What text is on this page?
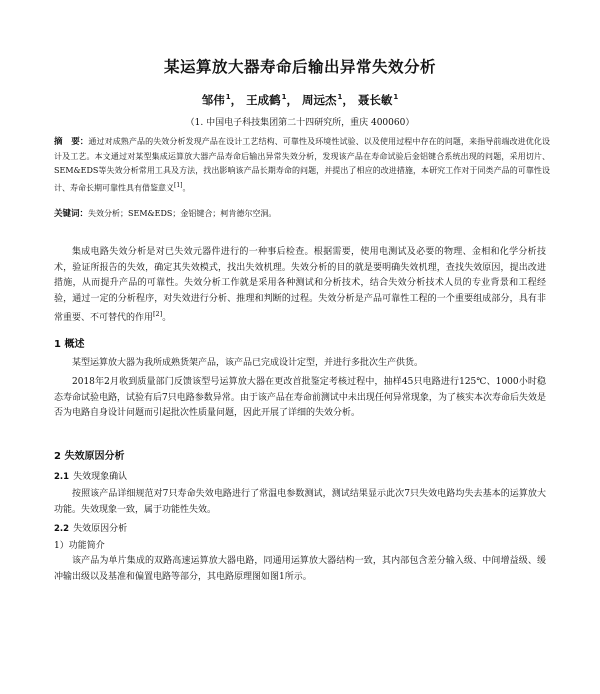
某运算放大器寿命后输出异常失效分析
邹伟$^1$， 王成鹤$^1$， 周远杰$^1$， 聂长敏$^1$
（1. 中国电子科技集团第二十四研究所，重庆 400060）
摘　要：通过对成熟产品的失效分析发现产品在设计工艺结构、可靠性及环境性试验、以及使用过程中存在的问题，来指导前端改进优化设计及工艺。本文通过对某型集成运算放大器产品寿命后输出异常失效分析，发现该产品在寿命试验后金铝键合系统出现的问题，采用切片、SEM&EDS等失效分析常用工具及方法，找出影响该产品长期寿命的问题，并提出了相应的改进措施，本研究工作对于同类产品的可靠性设计、寿命长期可靠性具有借鉴意义[1]。
关键词：失效分析；SEM&EDS；金铝键合；柯肯德尔空洞。
集成电路失效分析是对已失效元器件进行的一种事后检查。根据需要，使用电测试及必要的物理、金相和化学分析技术，验证所报告的失效，确定其失效模式，找出失效机理。失效分析的目的就是要明确失效机理，查找失效原因，提出改进措施，从而提升产品的可靠性。失效分析工作就是采用各种测试和分析技术，结合失效分析技术人员的专业背景和工程经验，通过一定的分析程序，对失效进行分析、推理和判断的过程。失效分析是产品可靠性工程的一个重要组成部分，具有非常重要、不可替代的作用[2]。
1 概述
某型运算放大器为我所成熟货架产品，该产品已完成设计定型，并进行多批次生产供货。
2018年2月收到质量部门反馈该型号运算放大器在更改首批鉴定考核过程中，抽样45只电路进行125℃、1000小时稳态寿命试验电路，试验有后7只电路参数异常。由于该产品在寿命前测试中未出现任何异常现象，为了核实本次寿命后失效是否为电路自身设计问题而引起批次性质量问题，因此开展了详细的失效分析。
2 失效原因分析
2.1 失效现象确认
按照该产品详细规范对7只寿命失效电路进行了常温电参数测试，测试结果显示此次7只失效电路均失去基本的运算放大功能。失效现象一致，属于功能性失效。
2.2 失效原因分析
1）功能简介
该产品为单片集成的双路高速运算放大器电路，同通用运算放大器结构一致，其内部包含差分输入级、中间增益级、缓冲输出级以及基准和偏置电路等部分，其电路原理图如图1所示。
